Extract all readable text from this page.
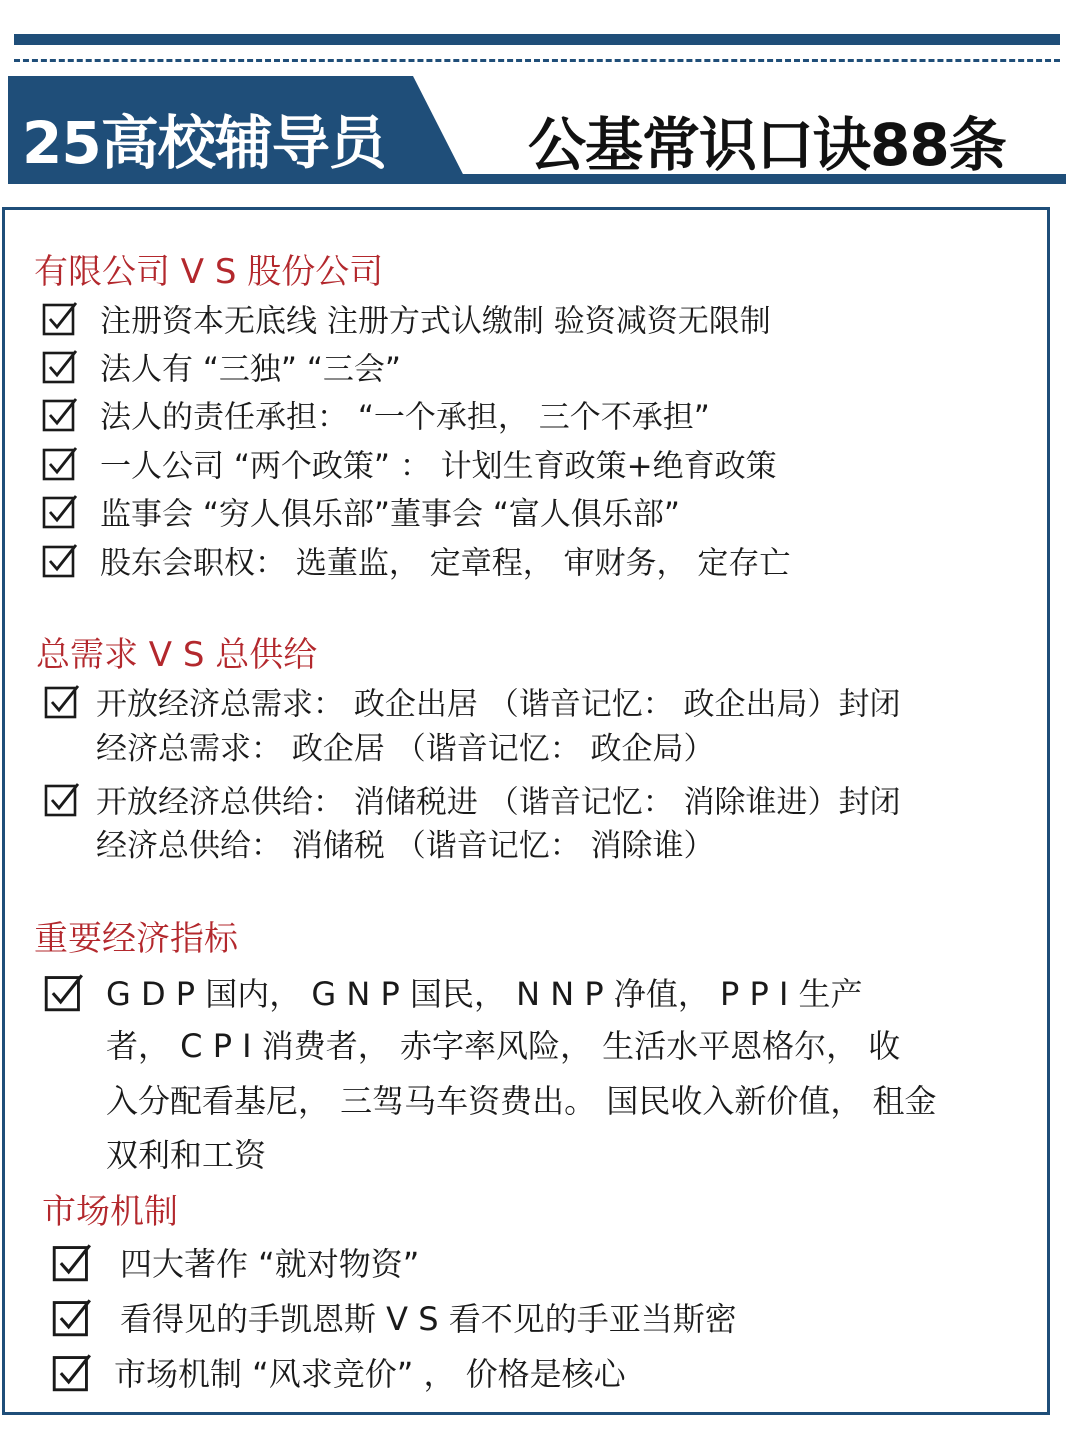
25高校辅导员 公基常识口诀88条
有限公司 V S 股份公司
注册资本无底线 注册方式认缴制 验资减资无限制
法人有 “三独” “三会”
法人的责任承担： “一个承担， 三个不承担”
一人公司 “两个政策” ： 计划生育政策+绝育政策
监事会 “穷人俱乐部”董事会 “富人俱乐部”
股东会职权： 选董监， 定章程， 审财务， 定存亡
总需求 V S 总供给
开放经济总需求： 政企出居 （谐音记忆： 政企出局）封闭
经济总需求： 政企居 （谐音记忆： 政企局）
开放经济总供给： 消储税进 （谐音记忆： 消除谁进）封闭
经济总供给： 消储税 （谐音记忆： 消除谁）
重要经济指标
G D P 国内， G N P 国民， N N P 净值， P P I 生产
者， C P I 消费者， 赤字率风险， 生活水平恩格尔， 收
入分配看基尼， 三驾马车资费出。 国民收入新价值， 租金
双利和工资
市场机制
四大著作 “就对物资”
看得见的手凯恩斯 V S 看不见的手亚当斯密
市场机制 “风求竞价” ， 价格是核心
